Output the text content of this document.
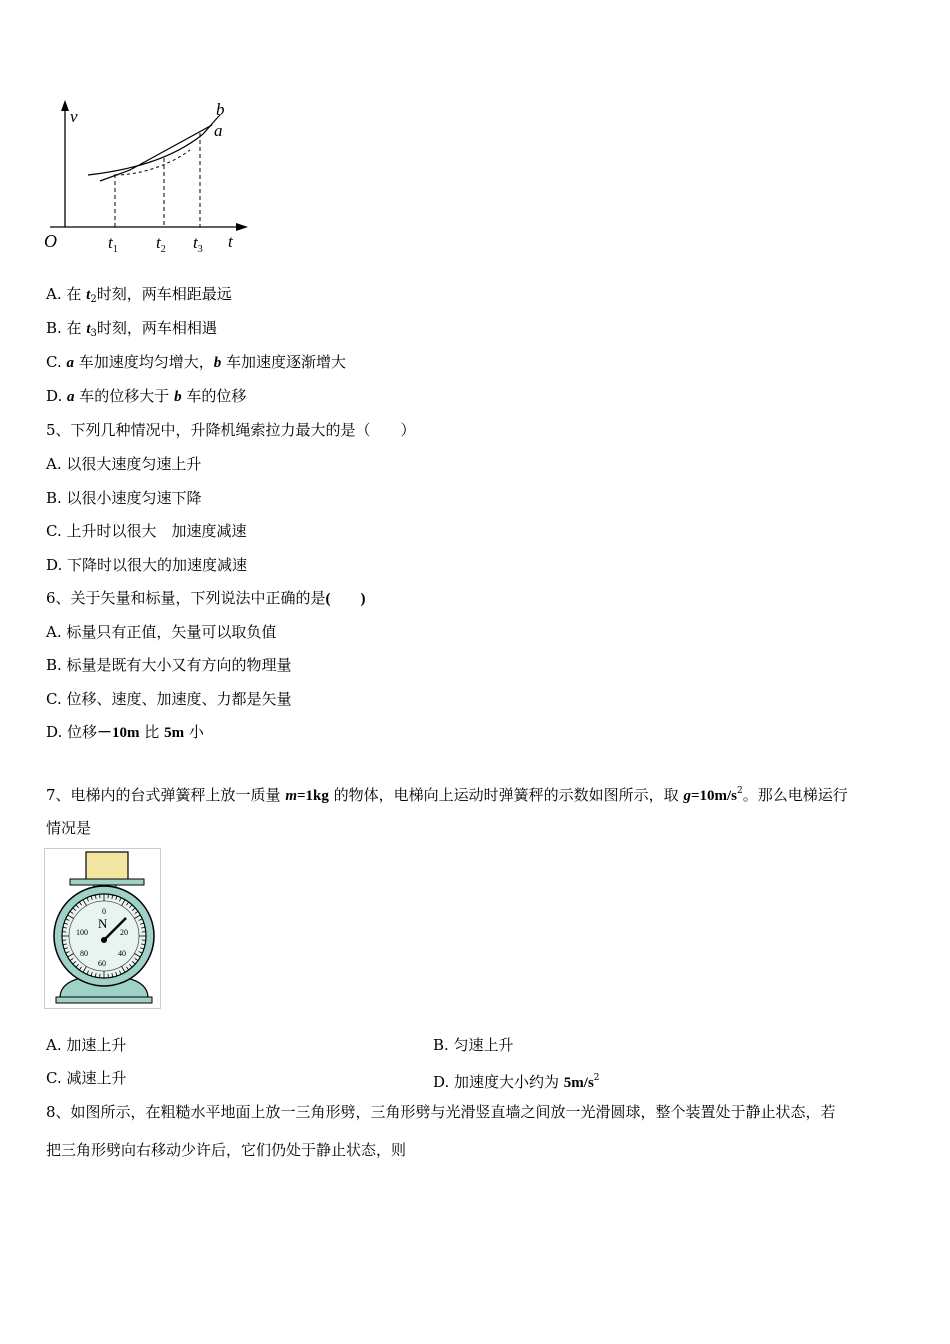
v
t
O
b
a
$t_1$ $t_2$ $t_3$
A. 在 $t_2$时刻，两车相距最远
B. 在 $t_3$时刻，两车相相遇
C. a 车加速度均匀增大，b 车加速度逐渐增大
D. a 车的位移大于 b 车的位移
5、下列几种情况中，升降机绳索拉力最大的是（　　）
A. 以很大速度匀速上升
B. 以很小速度匀速下降
C. 上升时以很大　加速度减速
D. 下降时以很大的加速度减速
6、关于矢量和标量，下列说法中正确的是(　　)
A. 标量只有正值，矢量可以取负值
B. 标量是既有大小又有方向的物理量
C. 位移、速度、加速度、力都是矢量
D. 位移－10m 比 5m 小
7、电梯内的台式弹簧秤上放一质量 m=1kg 的物体，电梯向上运动时弹簧秤的示数如图所示，取 $g=10m/s^2$。那么电梯运行
情况是
0
20
40
60
80
100
N
A. 加速上升	B. 匀速上升
C. 减速上升	D. 加速度大小约为 $5m/s^2$
8、如图所示，在粗糙水平地面上放一三角形劈，三角形劈与光滑竖直墙之间放一光滑圆球，整个装置处于静止状态，若
把三角形劈向右移动少许后，它们仍处于静止状态，则
